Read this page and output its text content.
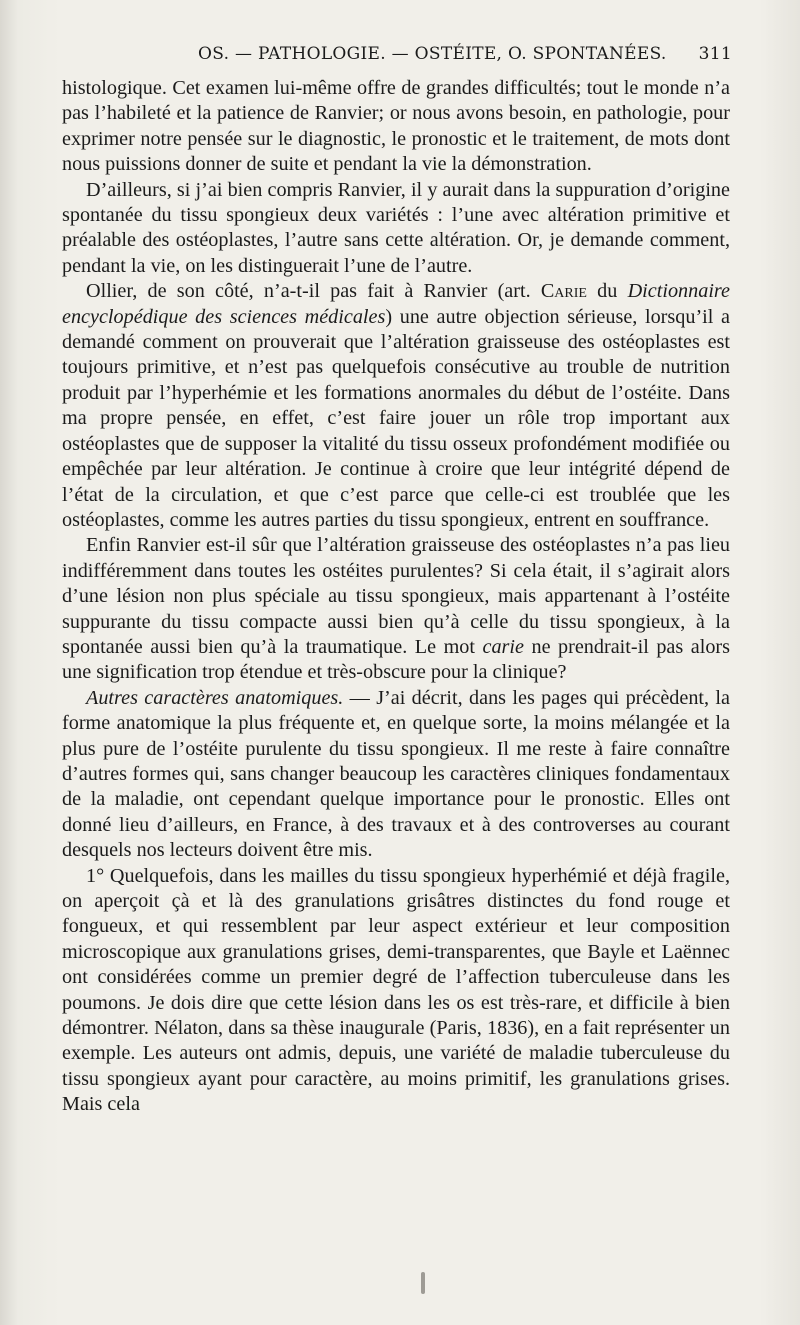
OS. — PATHOLOGIE. — OSTÉITE, O. SPONTANÉES. 311

histologique. Cet examen lui-même offre de grandes difficultés; tout le monde n’a pas l’habileté et la patience de Ranvier; or nous avons besoin, en pathologie, pour exprimer notre pensée sur le diagnostic, le pronostic et le traitement, de mots dont nous puissions donner de suite et pendant la vie la démonstration.

D’ailleurs, si j’ai bien compris Ranvier, il y aurait dans la suppuration d’origine spontanée du tissu spongieux deux variétés : l’une avec altération primitive et préalable des ostéoplastes, l’autre sans cette altération. Or, je demande comment, pendant la vie, on les distinguerait l’une de l’autre.

Ollier, de son côté, n’a-t-il pas fait à Ranvier (art. Carie du Dictionnaire encyclopédique des sciences médicales) une autre objection sérieuse, lorsqu’il a demandé comment on prouverait que l’altération graisseuse des ostéoplastes est toujours primitive, et n’est pas quelquefois consécutive au trouble de nutrition produit par l’hyperhémie et les formations anormales du début de l’ostéite. Dans ma propre pensée, en effet, c’est faire jouer un rôle trop important aux ostéoplastes que de supposer la vitalité du tissu osseux profondément modifiée ou empêchée par leur altération. Je continue à croire que leur intégrité dépend de l’état de la circulation, et que c’est parce que celle-ci est troublée que les ostéoplastes, comme les autres parties du tissu spongieux, entrent en souffrance.

Enfin Ranvier est-il sûr que l’altération graisseuse des ostéoplastes n’a pas lieu indifféremment dans toutes les ostéites purulentes? Si cela était, il s’agirait alors d’une lésion non plus spéciale au tissu spongieux, mais appartenant à l’ostéite suppurante du tissu compacte aussi bien qu’à celle du tissu spongieux, à la spontanée aussi bien qu’à la traumatique. Le mot carie ne prendrait-il pas alors une signification trop étendue et très-obscure pour la clinique?

Autres caractères anatomiques. — J’ai décrit, dans les pages qui précèdent, la forme anatomique la plus fréquente et, en quelque sorte, la moins mélangée et la plus pure de l’ostéite purulente du tissu spongieux. Il me reste à faire connaître d’autres formes qui, sans changer beaucoup les caractères cliniques fondamentaux de la maladie, ont cependant quelque importance pour le pronostic. Elles ont donné lieu d’ailleurs, en France, à des travaux et à des controverses au courant desquels nos lecteurs doivent être mis.

1° Quelquefois, dans les mailles du tissu spongieux hyperhémié et déjà fragile, on aperçoit çà et là des granulations grisâtres distinctes du fond rouge et fongueux, et qui ressemblent par leur aspect extérieur et leur composition microscopique aux granulations grises, demi-transparentes, que Bayle et Laënnec ont considérées comme un premier degré de l’affection tuberculeuse dans les poumons. Je dois dire que cette lésion dans les os est très-rare, et difficile à bien démontrer. Nélaton, dans sa thèse inaugurale (Paris, 1836), en a fait représenter un exemple. Les auteurs ont admis, depuis, une variété de maladie tuberculeuse du tissu spongieux ayant pour caractère, au moins primitif, les granulations grises. Mais cela
